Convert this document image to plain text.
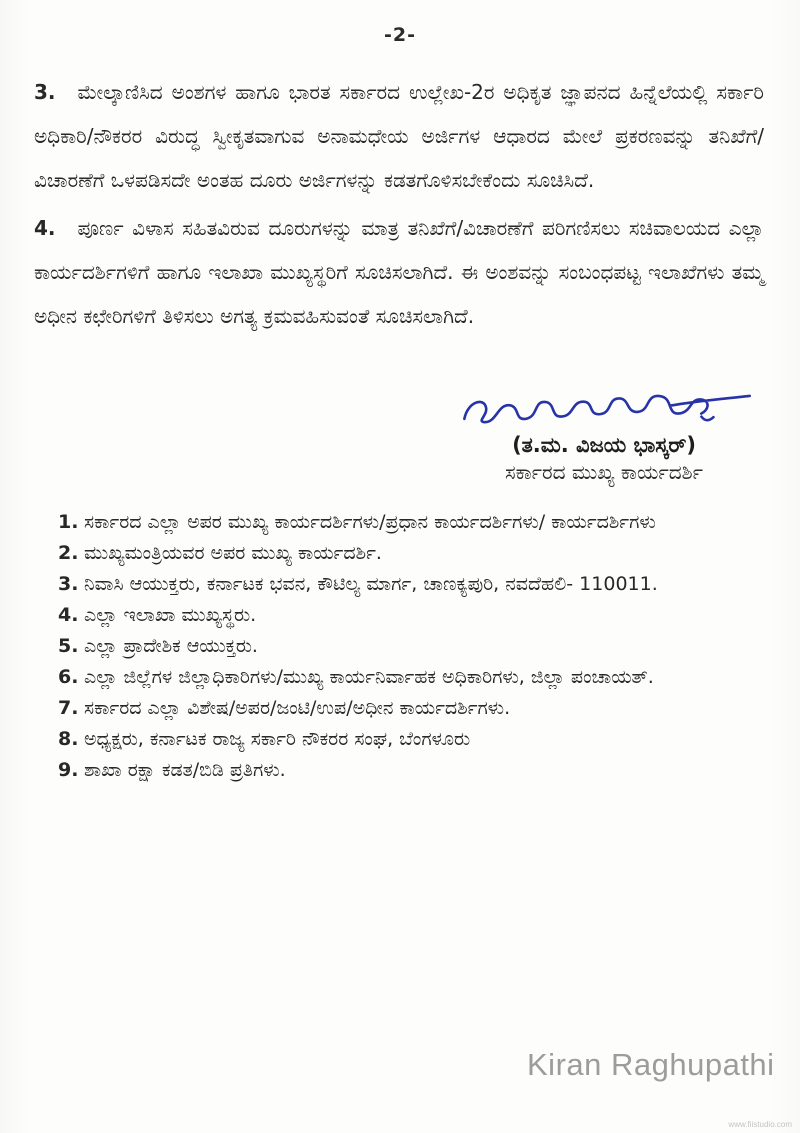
-2-

3. ಮೇಲ್ಕಾಣಿಸಿದ ಅಂಶಗಳ ಹಾಗೂ ಭಾರತ ಸರ್ಕಾರದ ಉಲ್ಲೇಖ-2ರ ಅಧಿಕೃತ ಜ್ಞಾಪನದ ಹಿನ್ನೆಲೆಯಲ್ಲಿ ಸರ್ಕಾರಿ ಅಧಿಕಾರಿ/ನೌಕರರ ವಿರುದ್ಧ ಸ್ವೀಕೃತವಾಗುವ ಅನಾಮಧೇಯ ಅರ್ಜಿಗಳ ಆಧಾರದ ಮೇಲೆ ಪ್ರಕರಣವನ್ನು ತನಿಖೆಗೆ/ವಿಚಾರಣೆಗೆ ಒಳಪಡಿಸದೇ ಅಂತಹ ದೂರು ಅರ್ಜಿಗಳನ್ನು ಕಡತಗೊಳಿಸಬೇಕೆಂದು ಸೂಚಿಸಿದೆ.

4. ಪೂರ್ಣ ವಿಳಾಸ ಸಹಿತವಿರುವ ದೂರುಗಳನ್ನು ಮಾತ್ರ ತನಿಖೆಗೆ/ವಿಚಾರಣೆಗೆ ಪರಿಗಣಿಸಲು ಸಚಿವಾಲಯದ ಎಲ್ಲಾ ಕಾರ್ಯದರ್ಶಿಗಳಿಗೆ ಹಾಗೂ ಇಲಾಖಾ ಮುಖ್ಯಸ್ಥರಿಗೆ ಸೂಚಿಸಲಾಗಿದೆ. ಈ ಅಂಶವನ್ನು ಸಂಬಂಧಪಟ್ಟ ಇಲಾಖೆಗಳು ತಮ್ಮ ಅಧೀನ ಕಛೇರಿಗಳಿಗೆ ತಿಳಿಸಲು ಅಗತ್ಯ ಕ್ರಮವಹಿಸುವಂತೆ ಸೂಚಿಸಲಾಗಿದೆ.

(ತ.ಮ. ವಿಜಯ ಭಾಸ್ಕರ್)
ಸರ್ಕಾರದ ಮುಖ್ಯ ಕಾರ್ಯದರ್ಶಿ
1. ಸರ್ಕಾರದ ಎಲ್ಲಾ ಅಪರ ಮುಖ್ಯ ಕಾರ್ಯದರ್ಶಿಗಳು/ಪ್ರಧಾನ ಕಾರ್ಯದರ್ಶಿಗಳು/ ಕಾರ್ಯದರ್ಶಿಗಳು
2. ಮುಖ್ಯಮಂತ್ರಿಯವರ ಅಪರ ಮುಖ್ಯ ಕಾರ್ಯದರ್ಶಿ.
3. ನಿವಾಸಿ ಆಯುಕ್ತರು, ಕರ್ನಾಟಕ ಭವನ, ಕೌಟಿಲ್ಯ ಮಾರ್ಗ, ಚಾಣಕ್ಯಪುರಿ, ನವದೆಹಲಿ- 110011.
4. ಎಲ್ಲಾ ಇಲಾಖಾ ಮುಖ್ಯಸ್ಥರು.
5. ಎಲ್ಲಾ ಪ್ರಾದೇಶಿಕ ಆಯುಕ್ತರು.
6. ಎಲ್ಲಾ ಜಿಲ್ಲೆಗಳ ಜಿಲ್ಲಾಧಿಕಾರಿಗಳು/ಮುಖ್ಯ ಕಾರ್ಯನಿರ್ವಾಹಕ ಅಧಿಕಾರಿಗಳು, ಜಿಲ್ಲಾ ಪಂಚಾಯತ್.
7. ಸರ್ಕಾರದ ಎಲ್ಲಾ ವಿಶೇಷ/ಅಪರ/ಜಂಟಿ/ಉಪ/ಅಧೀನ ಕಾರ್ಯದರ್ಶಿಗಳು.
8. ಅಧ್ಯಕ್ಷರು, ಕರ್ನಾಟಕ ರಾಜ್ಯ ಸರ್ಕಾರಿ ನೌಕರರ ಸಂಘ, ಬೆಂಗಳೂರು
9. ಶಾಖಾ ರಕ್ಷಾ ಕಡತ/ಬಿಡಿ ಪ್ರತಿಗಳು.
Kiran Raghupathi
www.fiistudio.com
